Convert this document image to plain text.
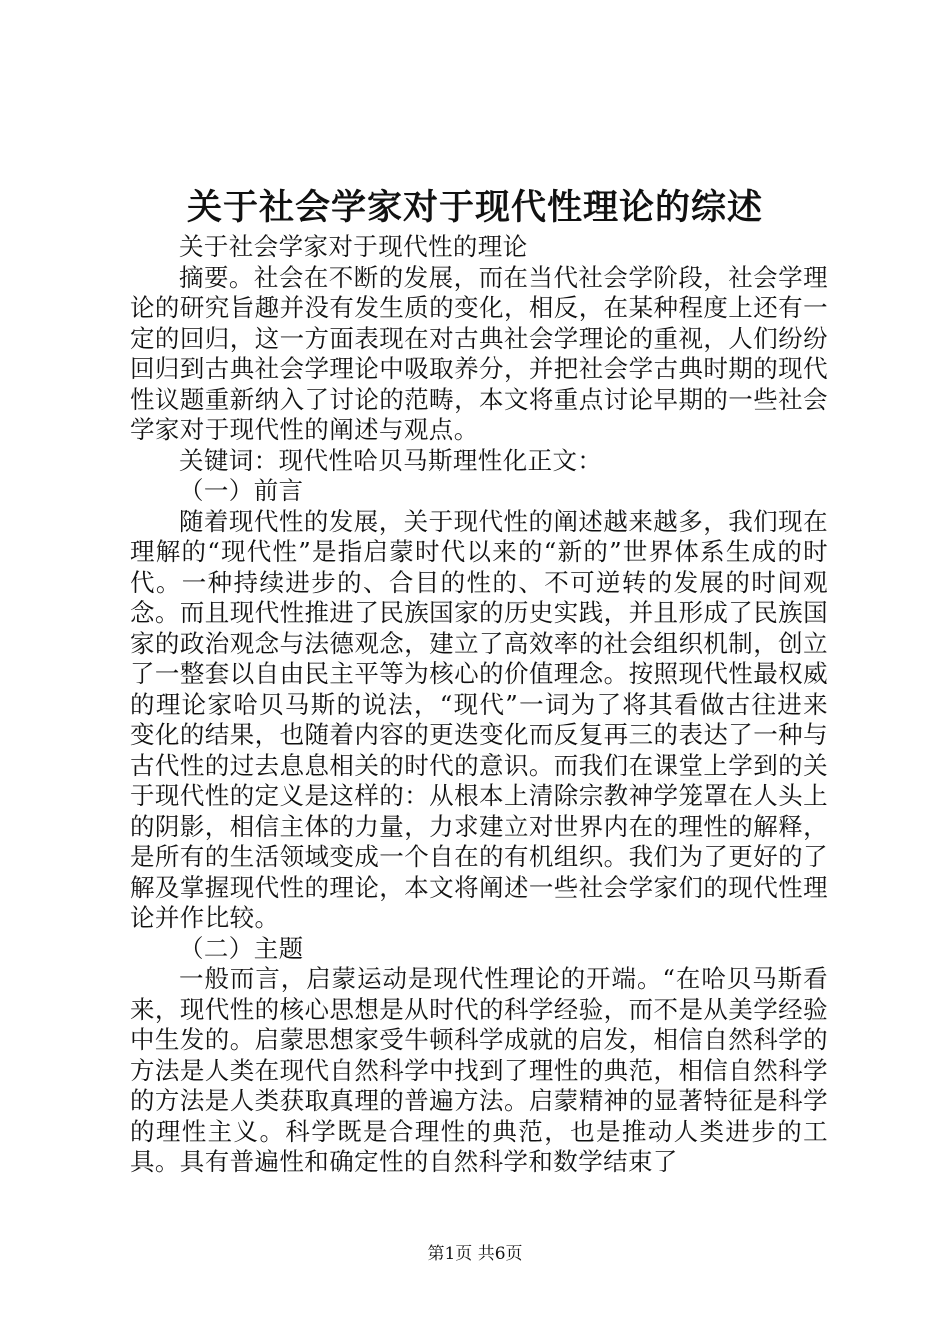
关于社会学家对于现代性理论的综述

关于社会学家对于现代性的理论

摘要。社会在不断的发展，而在当代社会学阶段，社会学理论的研究旨趣并没有发生质的变化，相反，在某种程度上还有一定的回归，这一方面表现在对古典社会学理论的重视，人们纷纷回归到古典社会学理论中吸取养分，并把社会学古典时期的现代性议题重新纳入了讨论的范畴，本文将重点讨论早期的一些社会学家对于现代性的阐述与观点。

关键词：现代性哈贝马斯理性化正文：

（一）前言

随着现代性的发展，关于现代性的阐述越来越多，我们现在理解的“现代性”是指启蒙时代以来的“新的”世界体系生成的时代。一种持续进步的、合目的性的、不可逆转的发展的时间观念。而且现代性推进了民族国家的历史实践，并且形成了民族国家的政治观念与法德观念，建立了高效率的社会组织机制，创立了一整套以自由民主平等为核心的价值理念。按照现代性最权威的理论家哈贝马斯的说法，“现代”一词为了将其看做古往进来变化的结果，也随着内容的更迭变化而反复再三的表达了一种与古代性的过去息息相关的时代的意识。而我们在课堂上学到的关于现代性的定义是这样的：从根本上清除宗教神学笼罩在人头上的阴影，相信主体的力量，力求建立对世界内在的理性的解释，是所有的生活领域变成一个自在的有机组织。我们为了更好的了解及掌握现代性的理论，本文将阐述一些社会学家们的现代性理论并作比较。

（二）主题

一般而言，启蒙运动是现代性理论的开端。“在哈贝马斯看来，现代性的核心思想是从时代的科学经验，而不是从美学经验中生发的。启蒙思想家受牛顿科学成就的启发，相信自然科学的方法是人类在现代自然科学中找到了理性的典范，相信自然科学的方法是人类获取真理的普遍方法。启蒙精神的显著特征是科学的理性主义。科学既是合理性的典范，也是推动人类进步的工具。具有普遍性和确定性的自然科学和数学结束了

第1页 共6页
